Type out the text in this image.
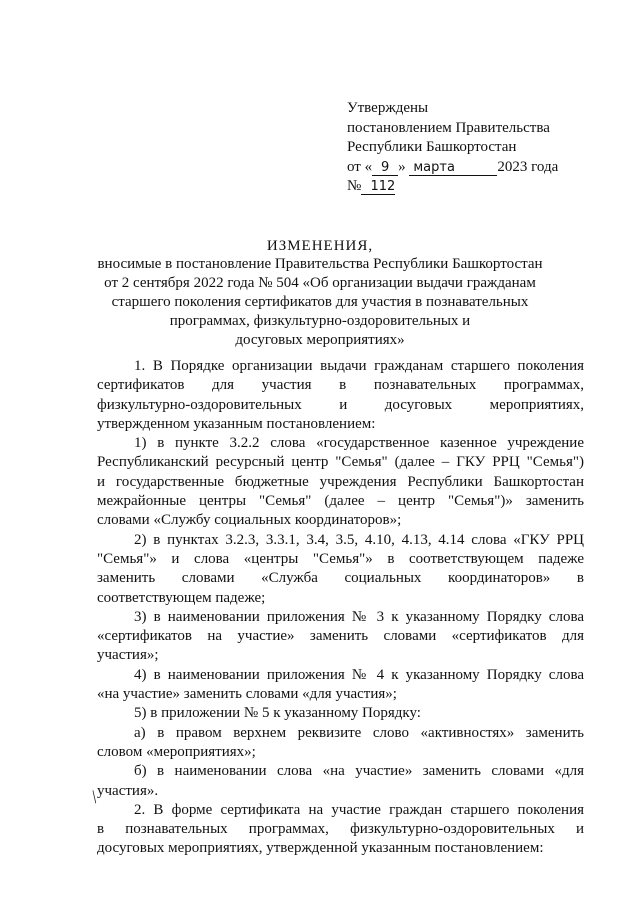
Утверждены
постановлением Правительства
Республики Башкортостан
от « 9 » марта	2023 года
№ 112
ИЗМЕНЕНИЯ,
вносимые в постановление Правительства Республики Башкортостан
от 2 сентября 2022 года № 504 «Об организации выдачи гражданам
старшего поколения сертификатов для участия в познавательных
программах, физкультурно-оздоровительных и
досуговых мероприятиях»
1. В Порядке организации выдачи гражданам старшего поколения
сертификатов для участия в познавательных программах,
физкультурно-оздоровительных и досуговых мероприятиях,
утвержденном указанным постановлением:
1) в пункте 3.2.2 слова «государственное казенное учреждение
Республиканский ресурсный центр "Семья" (далее – ГКУ РРЦ "Семья")
и государственные бюджетные учреждения Республики Башкортостан
межрайонные центры "Семья" (далее – центр "Семья")» заменить
словами «Службу социальных координаторов»;
2) в пунктах 3.2.3, 3.3.1, 3.4, 3.5, 4.10, 4.13, 4.14 слова «ГКУ РРЦ
"Семья"» и слова «центры "Семья"» в соответствующем падеже
заменить словами «Служба социальных координаторов» в
соответствующем падеже;
3) в наименовании приложения № 3 к указанному Порядку слова
«сертификатов на участие» заменить словами «сертификатов для
участия»;
4) в наименовании приложения № 4 к указанному Порядку слова
«на участие» заменить словами «для участия»;
5) в приложении № 5 к указанному Порядку:
а) в правом верхнем реквизите слово «активностях» заменить
словом «мероприятиях»;
б) в наименовании слова «на участие» заменить словами «для
участия».
2. В форме сертификата на участие граждан старшего поколения
в познавательных программах, физкультурно-оздоровительных и
досуговых мероприятиях, утвержденной указанным постановлением:
╱
